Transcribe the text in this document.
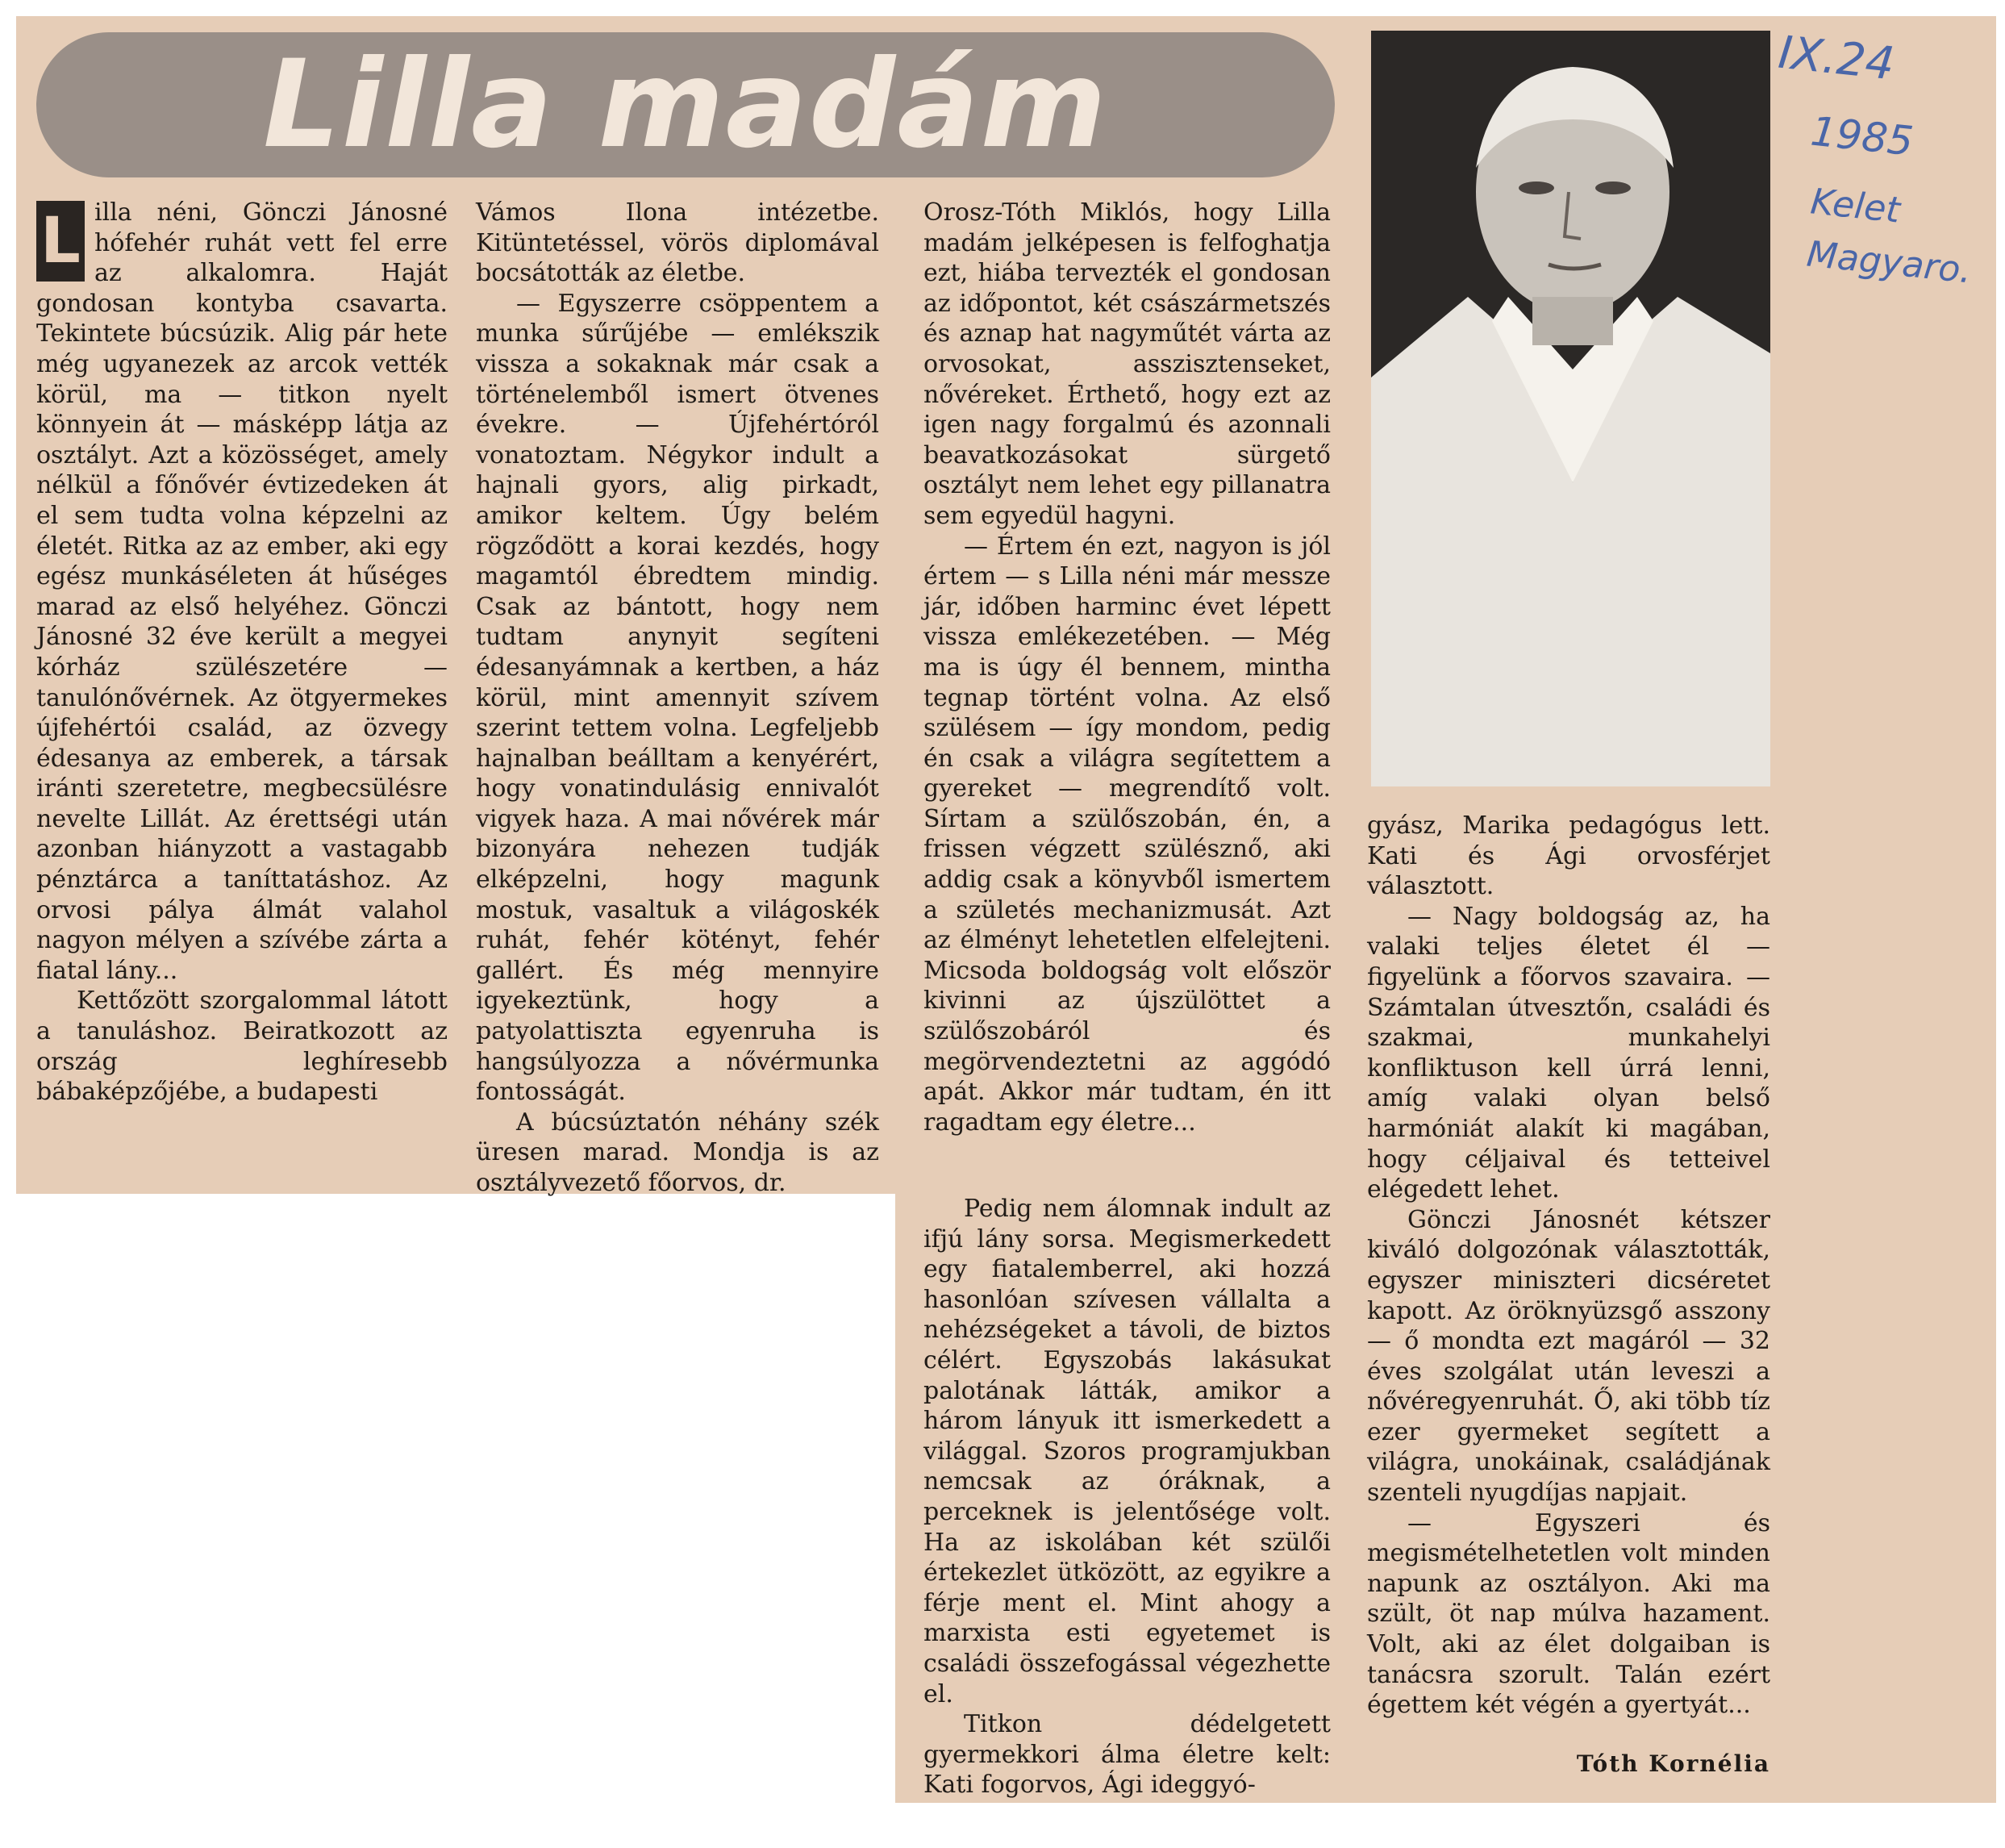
Lilla madám

L illa néni, Gönczi Jánosné hófehér ruhát vett fel erre az alkalomra. Haját gondosan kontyba csavarta. Tekintete búcsúzik. Alig pár hete még ugyanezek az arcok vették körül, ma — titkon nyelt könnyein át — másképp látja az osztályt. Azt a közösséget, amely nélkül a főnővér évtizedeken át el sem tudta volna képzelni az életét. Ritka az az ember, aki egy egész munkáséleten át hűséges marad az első helyéhez. Gönczi Jánosné 32 éve került a megyei kórház szülészetére — tanulónővérnek. Az ötgyermekes újfehértói család, az özvegy édesanya az emberek, a társak iránti szeretetre, megbecsülésre nevelte Lillát. Az érettségi után azonban hiányzott a vastagabb pénztárca a taníttatáshoz. Az orvosi pálya álmát valahol nagyon mélyen a szívébe zárta a fiatal lány...

Kettőzött szorgalommal látott a tanuláshoz. Beiratkozott az ország leghíresebb bábaképzőjébe, a budapesti

Vámos Ilona intézetbe. Kitüntetéssel, vörös diplomával bocsátották az életbe.

— Egyszerre csöppentem a munka sűrűjébe — emlékszik vissza a sokaknak már csak a történelemből ismert ötvenes évekre. — Újfehértóról vonatoztam. Négykor indult a hajnali gyors, alig pirkadt, amikor keltem. Úgy belém rögződött a korai kezdés, hogy magamtól ébredtem mindig. Csak az bántott, hogy nem tudtam anynyit segíteni édesanyámnak a kertben, a ház körül, mint amennyit szívem szerint tettem volna. Legfeljebb hajnalban beálltam a kenyérért, hogy vonatindulásig ennivalót vigyek haza. A mai nővérek már bizonyára nehezen tudják elképzelni, hogy magunk mostuk, vasaltuk a világoskék ruhát, fehér kötényt, fehér gallért. És még mennyire igyekeztünk, hogy a patyolattiszta egyenruha is hangsúlyozza a nővérmunka fontosságát.

A búcsúztatón néhány szék üresen marad. Mondja is az osztályvezető főorvos, dr.

Orosz-Tóth Miklós, hogy Lilla madám jelképesen is felfoghatja ezt, hiába tervezték el gondosan az időpontot, két császármetszés és aznap hat nagyműtét várta az orvosokat, asszisztenseket, nővéreket. Érthető, hogy ezt az igen nagy forgalmú és azonnali beavatkozásokat sürgető osztályt nem lehet egy pillanatra sem egyedül hagyni.

— Értem én ezt, nagyon is jól értem — s Lilla néni már messze jár, időben harminc évet lépett vissza emlékezetében. — Még ma is úgy él bennem, mintha tegnap történt volna. Az első szülésem — így mondom, pedig én csak a világra segítettem a gyereket — megrendítő volt. Sírtam a szülőszobán, én, a frissen végzett szülésznő, aki addig csak a könyvből ismertem a születés mechanizmusát. Azt az élményt lehetetlen elfelejteni. Micsoda boldogság volt először kivinni az újszülöttet a szülőszobáról és megörvendeztetni az aggódó apát. Akkor már tudtam, én itt ragadtam egy életre...

Pedig nem álomnak indult az ifjú lány sorsa. Megismerkedett egy fiatalemberrel, aki hozzá hasonlóan szívesen vállalta a nehézségeket a távoli, de biztos célért. Egyszobás lakásukat palotának látták, amikor a három lányuk itt ismerkedett a világgal. Szoros programjukban nemcsak az óráknak, a perceknek is jelentősége volt. Ha az iskolában két szülői értekezlet ütközött, az egyikre a férje ment el. Mint ahogy a marxista esti egyetemet is családi összefogással végezhette el.

Titkon dédelgetett gyermekkori álma életre kelt: Kati fogorvos, Ági ideggyó-

gyász, Marika pedagógus lett. Kati és Ági orvosférjet választott.

— Nagy boldogság az, ha valaki teljes életet él — figyelünk a főorvos szavaira. — Számtalan útvesztőn, családi és szakmai, munkahelyi konfliktuson kell úrrá lenni, amíg valaki olyan belső harmóniát alakít ki magában, hogy céljaival és tetteivel elégedett lehet.

Gönczi Jánosnét kétszer kiváló dolgozónak választották, egyszer miniszteri dicséretet kapott. Az öröknyüzsgő asszony — ő mondta ezt magáról — 32 éves szolgálat után leveszi a nővéregyenruhát. Ő, aki több tíz ezer gyermeket segített a világra, unokáinak, családjának szenteli nyugdíjas napjait.

— Egyszeri és megismételhetetlen volt minden napunk az osztályon. Aki ma szült, öt nap múlva hazament. Volt, aki az élet dolgaiban is tanácsra szorult. Talán ezért égettem két végén a gyertyát...

Tóth Kornélia
IX.24
1985
Kelet
Magyaro.
